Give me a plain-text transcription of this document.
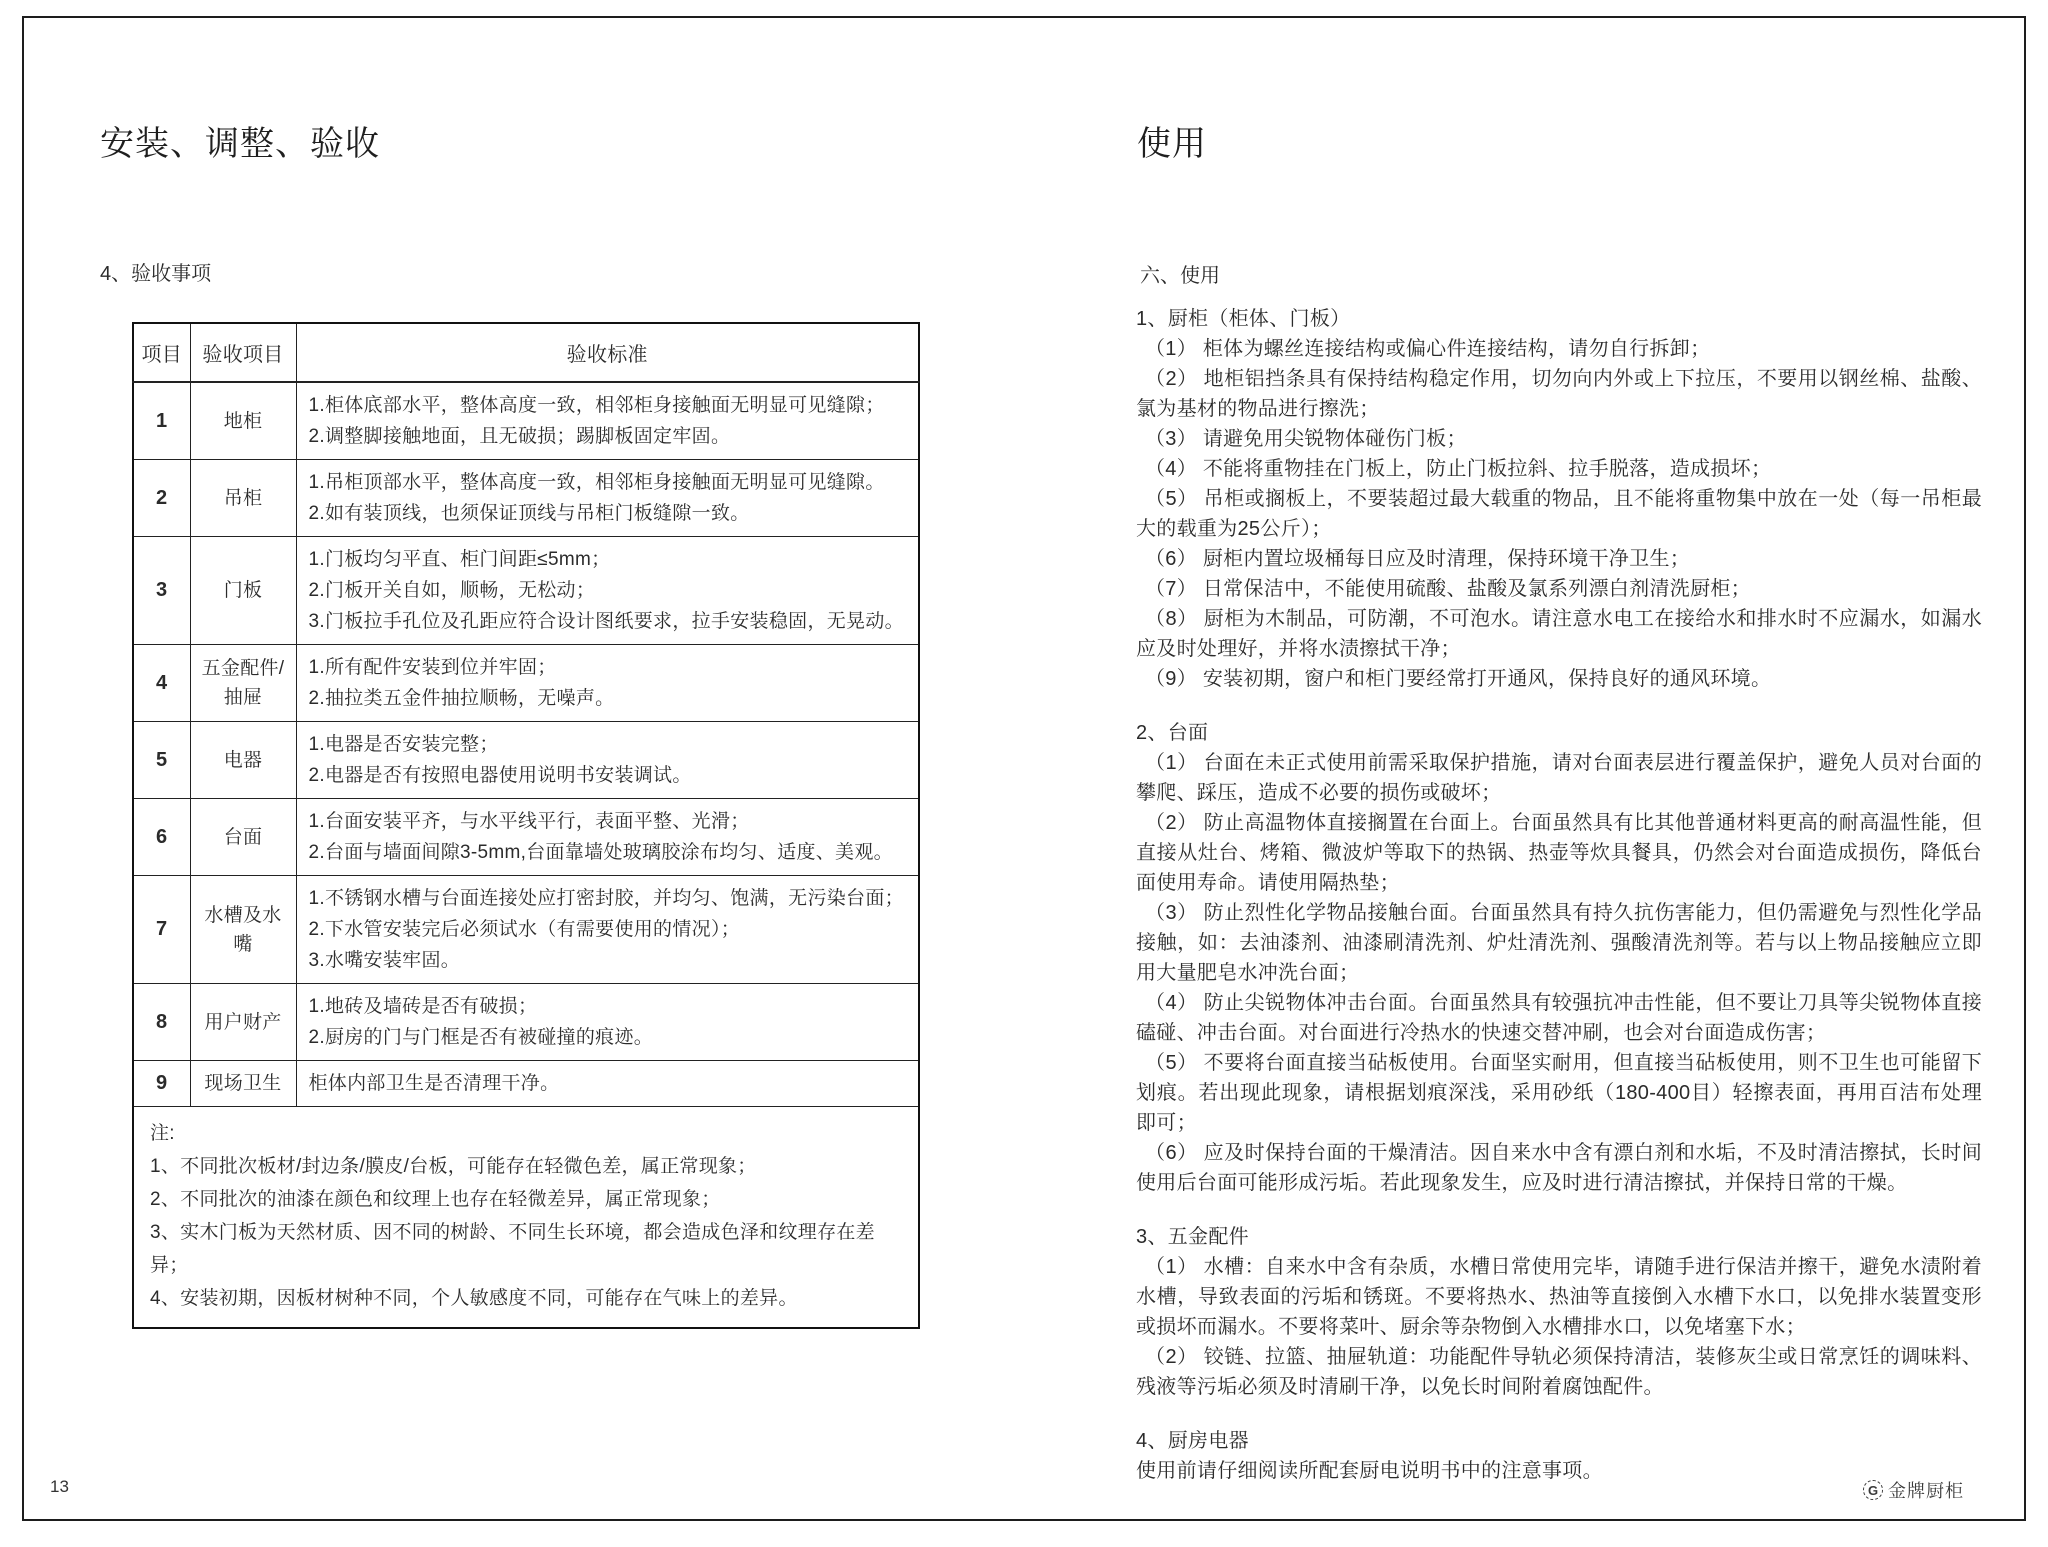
安装、调整、验收
4、验收事项
项目	验收项目	验收标准
1	地柜	1.柜体底部水平，整体高度一致，相邻柜身接触面无明显可见缝隙；
2.调整脚接触地面，且无破损；踢脚板固定牢固。

2	吊柜	1.吊柜顶部水平，整体高度一致，相邻柜身接触面无明显可见缝隙。
2.如有装顶线，也须保证顶线与吊柜门板缝隙一致。

3	门板	1.门板均匀平直、柜门间距≤5mm；
2.门板开关自如，顺畅，无松动；
3.门板拉手孔位及孔距应符合设计图纸要求，拉手安装稳固，无晃动。

4	五金配件/抽屉	1.所有配件安装到位并牢固；
2.抽拉类五金件抽拉顺畅，无噪声。

5	电器	1.电器是否安装完整；
2.电器是否有按照电器使用说明书安装调试。

6	台面	1.台面安装平齐，与水平线平行，表面平整、光滑；
2.台面与墙面间隙3-5mm,台面靠墙处玻璃胶涂布均匀、适度、美观。

7	水槽及水嘴	1.不锈钢水槽与台面连接处应打密封胶，并均匀、饱满，无污染台面；
2.下水管安装完后必须试水（有需要使用的情况）；
3.水嘴安装牢固。

8	用户财产	1.地砖及墙砖是否有破损；
2.厨房的门与门框是否有被碰撞的痕迹。

9	现场卫生	柜体内部卫生是否清理干净。

注:
1、不同批次板材/封边条/膜皮/台板，可能存在轻微色差，属正常现象；
2、不同批次的油漆在颜色和纹理上也存在轻微差异，属正常现象；
3、实木门板为天然材质、因不同的树龄、不同生长环境，都会造成色泽和纹理存在差异；
4、安装初期，因板材树种不同，个人敏感度不同，可能存在气味上的差异。		
使用
六、使用
1、厨柜（柜体、门板）

（1） 柜体为螺丝连接结构或偏心件连接结构，请勿自行拆卸；

（2） 地柜铝挡条具有保持结构稳定作用，切勿向内外或上下拉压，不要用以钢丝棉、盐酸、氯为基材的物品进行擦洗；

（3） 请避免用尖锐物体碰伤门板；

（4） 不能将重物挂在门板上，防止门板拉斜、拉手脱落，造成损坏；

（5） 吊柜或搁板上，不要装超过最大载重的物品，且不能将重物集中放在一处（每一吊柜最大的载重为25公斤）；

（6） 厨柜内置垃圾桶每日应及时清理，保持环境干净卫生；

（7） 日常保洁中，不能使用硫酸、盐酸及氯系列漂白剂清洗厨柜；

（8） 厨柜为木制品，可防潮，不可泡水。请注意水电工在接给水和排水时不应漏水，如漏水应及时处理好，并将水渍擦拭干净；

（9） 安装初期，窗户和柜门要经常打开通风，保持良好的通风环境。

2、台面

（1） 台面在未正式使用前需采取保护措施，请对台面表层进行覆盖保护，避免人员对台面的攀爬、踩压，造成不必要的损伤或破坏；

（2） 防止高温物体直接搁置在台面上。台面虽然具有比其他普通材料更高的耐高温性能，但直接从灶台、烤箱、微波炉等取下的热锅、热壶等炊具餐具，仍然会对台面造成损伤，降低台面使用寿命。请使用隔热垫；

（3） 防止烈性化学物品接触台面。台面虽然具有持久抗伤害能力，但仍需避免与烈性化学品接触，如：去油漆剂、油漆刷清洗剂、炉灶清洗剂、强酸清洗剂等。若与以上物品接触应立即用大量肥皂水冲洗台面；

（4） 防止尖锐物体冲击台面。台面虽然具有较强抗冲击性能，但不要让刀具等尖锐物体直接磕碰、冲击台面。对台面进行冷热水的快速交替冲刷，也会对台面造成伤害；

（5） 不要将台面直接当砧板使用。台面坚实耐用，但直接当砧板使用，则不卫生也可能留下划痕。若出现此现象，请根据划痕深浅，采用砂纸（180-400目）轻擦表面，再用百洁布处理即可；

（6） 应及时保持台面的干燥清洁。因自来水中含有漂白剂和水垢，不及时清洁擦拭，长时间使用后台面可能形成污垢。若此现象发生，应及时进行清洁擦拭，并保持日常的干燥。

3、五金配件

（1） 水槽：自来水中含有杂质，水槽日常使用完毕，请随手进行保洁并擦干，避免水渍附着水槽，导致表面的污垢和锈斑。不要将热水、热油等直接倒入水槽下水口，以免排水装置变形或损坏而漏水。不要将菜叶、厨余等杂物倒入水槽排水口，以免堵塞下水；

（2） 铰链、拉篮、抽屉轨道：功能配件导轨必须保持清洁，装修灰尘或日常烹饪的调味料、残液等污垢必须及时清刷干净，以免长时间附着腐蚀配件。

4、厨房电器

使用前请仔细阅读所配套厨电说明书中的注意事项。

13	G 金牌厨柜
